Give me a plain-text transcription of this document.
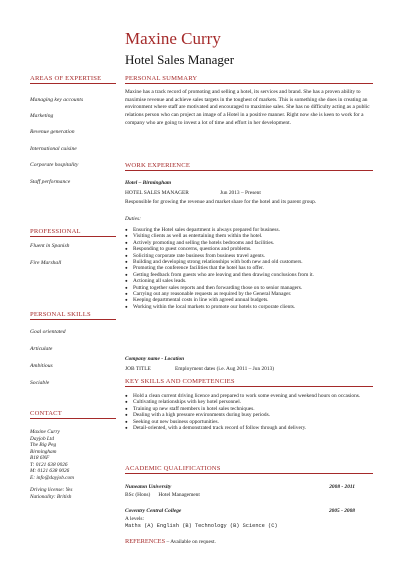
Maxine Curry
Hotel Sales Manager
AREAS OF EXPERTISE
Managing key accounts
Marketing
Revenue generation
International cuisine
Corporate hospitality
Staff performance
PROFESSIONAL
Fluent in Spanish
Fire Marshall
PERSONAL SKILLS
Goal orientated
Articulate
Ambitious
Sociable
CONTACT
Maxine Curry
Dayjob Ltd
The Big Peg
Birmingham
B18 6NF
T: 0121 638 0026
M: 0121 638 0026
E: info@dayjob.com
Driving license: Yes
Nationality: British
PERSONAL SUMMARY
Maxine has a track record of promoting and selling a hotel, its services and brand. She has a proven ability to maximise revenue and achieve sales targets in the toughest of markets. This is something she does in creating an environment where staff are motivated and encouraged to maximise sales. She has no difficulty acting as a public relations person who can project an image of a Hotel in a positive manner. Right now she is keen to work for a company who are going to invest a lot of time and effort in her development.
WORK EXPERIENCE
Hotel – Birmingham
HOTEL SALES MANAGER	Jun 2013 – Present
Responsible for growing the revenue and market share for the hotel and its parent group.
Duties:
● Ensuring the Hotel sales department is always prepared for business.
● Visiting clients as well as entertaining them within the hotel.
● Actively promoting and selling the hotels bedrooms and facilities.
● Responding to guest concerns, questions and problems.
● Soliciting corporate rate business from business travel agents.
● Building and developing strong relationships with both new and old customers.
● Promoting the conference facilities that the hotel has to offer.
● Getting feedback from guests who are leaving and then drawing conclusions from it.
● Actioning all sales leads.
● Putting together sales reports and then forwarding those on to senior managers.
● Carrying out any reasonable requests as required by the General Manager.
● Keeping departmental costs in line with agreed annual budgets.
● Working within the local markets to promote our hotels to corporate clients.
Company name - Location
JOB TITLE	Employment dates (i.e. Aug 2011 – Jun 2013)
KEY SKILLS AND COMPETENCIES
● Hold a clean current driving licence and prepared to work some evening and weekend hours on occasions.
● Cultivating relationships with key hotel personnel.
● Training up new staff members in hotel sales techniques.
● Dealing with a high pressure environments during busy periods.
● Seeking out new business opportunities.
● Detail-oriented, with a demonstrated track record of follow through and delivery.
ACADEMIC QUALIFICATIONS
Nuneaton University	2008 - 2011
BSc (Hons)      Hotel Management
Coventry Central College	2005 - 2008
A levels:
Maths (A) English (B) Technology (B) Science (C)
REFERENCES – Available on request.
